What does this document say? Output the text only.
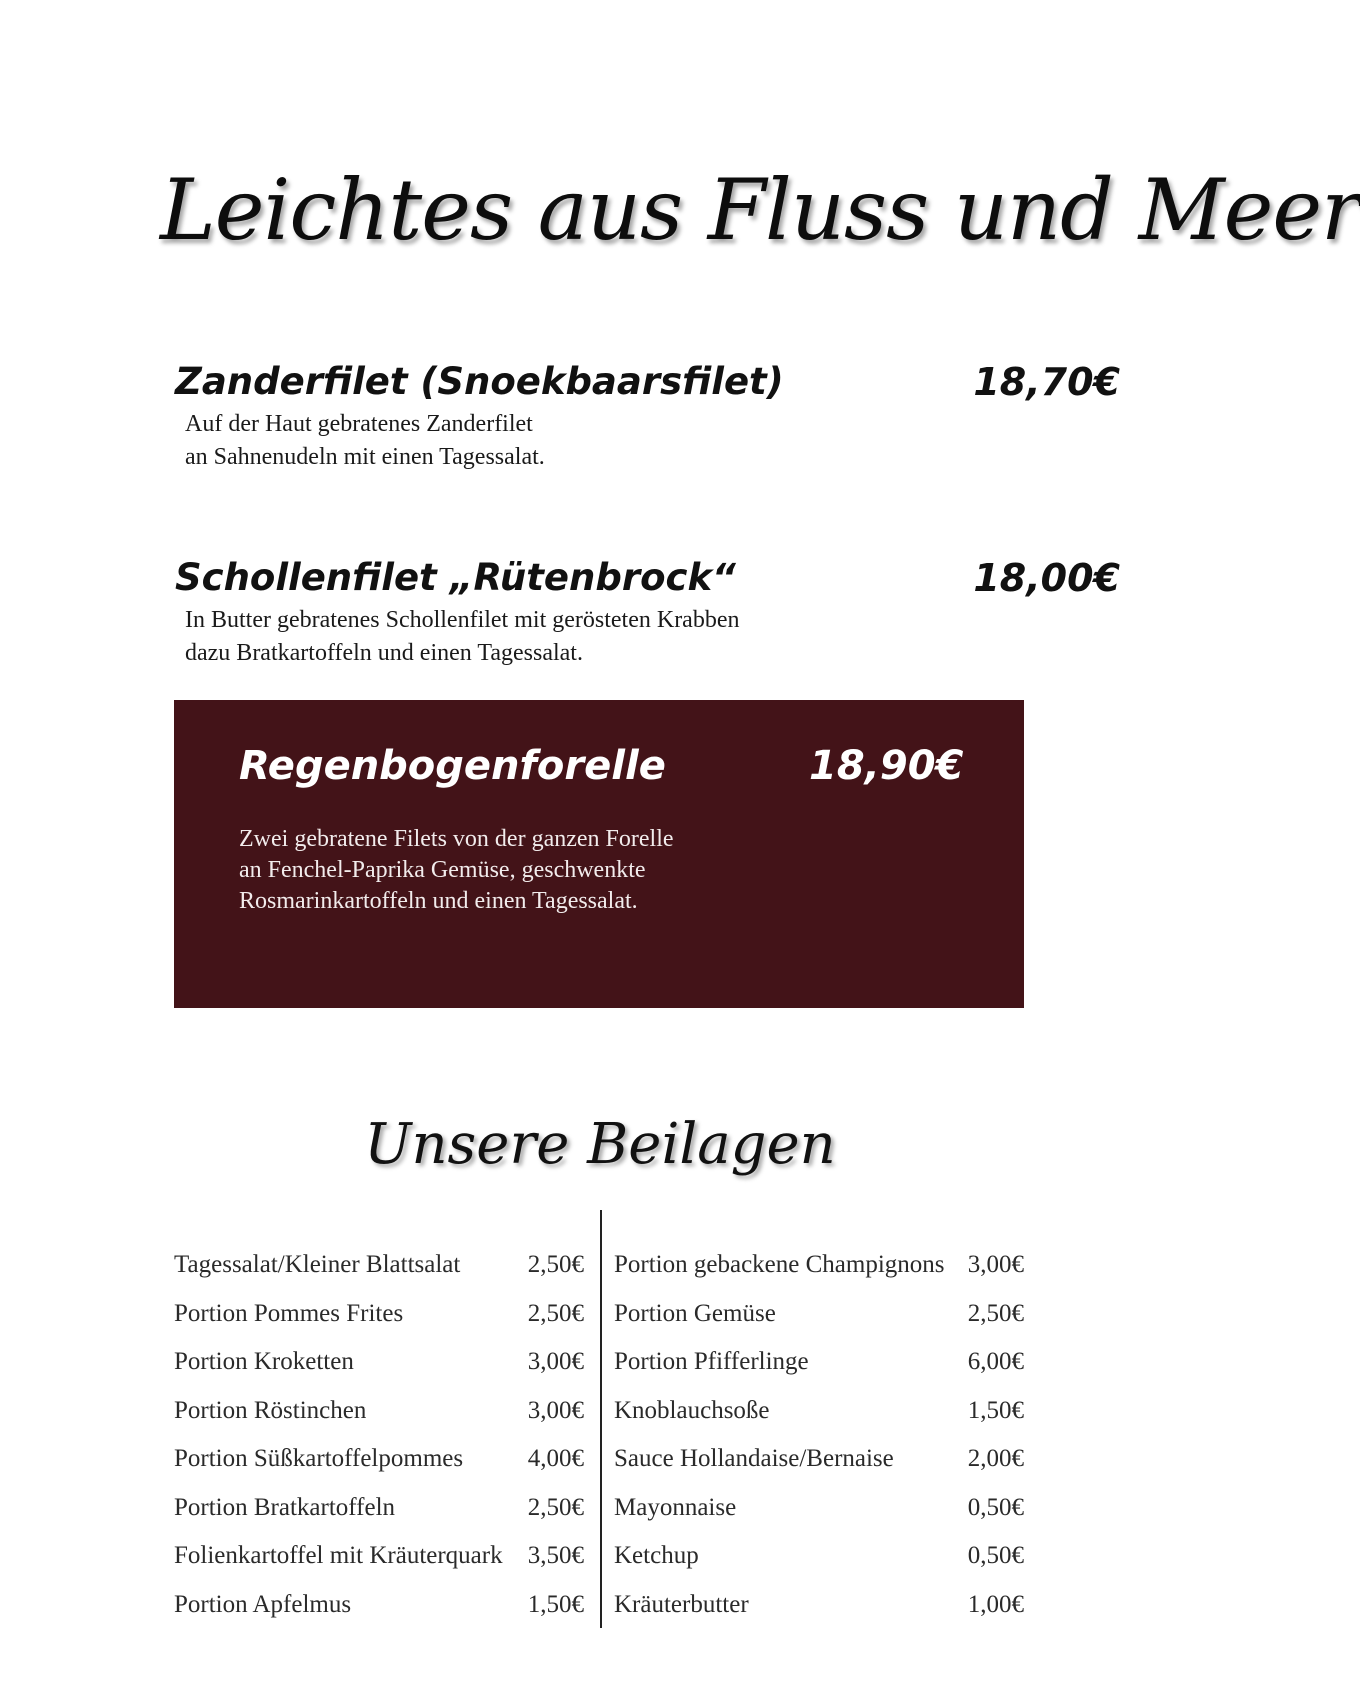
Leichtes aus Fluss und Meer
Zanderfilet (Snoekbaarsfilet)	18,70€
Auf der Haut gebratenes Zanderfilet
an Sahnenudeln mit einen Tagessalat.
Schollenfilet „Rütenbrock“	18,00€
In Butter gebratenes Schollenfilet mit gerösteten Krabben
dazu Bratkartoffeln und einen Tagessalat.
Regenbogenforelle	18,90€
Zwei gebratene Filets von der ganzen Forelle
an Fenchel-Paprika Gemüse, geschwenkte
Rosmarinkartoffeln und einen Tagessalat.
Unsere Beilagen
Tagessalat/Kleiner Blattsalat	2,50€
Portion Pommes Frites	2,50€
Portion Kroketten	3,00€
Portion Röstinchen	3,00€
Portion Süßkartoffelpommes	4,00€
Portion Bratkartoffeln	2,50€
Folienkartoffel mit Kräuterquark 3,50€
Portion Apfelmus	1,50€
Portion gebackene Champignons 3,00€
Portion Gemüse	2,50€
Portion Pfifferlinge	6,00€
Knoblauchsoße	1,50€
Sauce Hollandaise/Bernaise	2,00€
Mayonnaise	0,50€
Ketchup	0,50€
Kräuterbutter	1,00€
